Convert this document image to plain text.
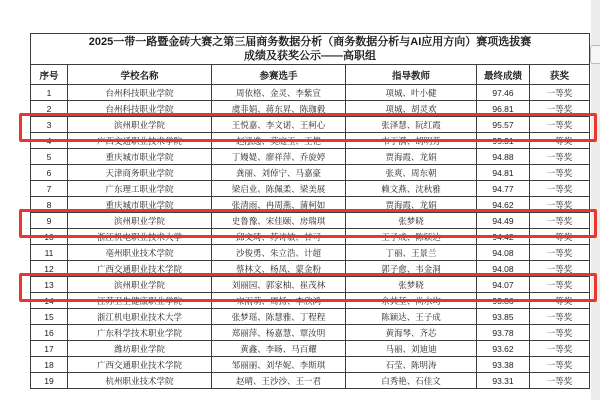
2025一带一路暨金砖大赛之第三届商务数据分析（商务数据分析与AI应用方向）赛项选拔赛
成绩及获奖公示——高职组					

序号	学校名称	参赛选手	指导教师	最终成绩	获奖
1	台州科技职业学院	周依格、金灵、李紫宣	项城、叶小健	97.46	一等奖
2	台州科技职业学院	虞菲娟、蒋东昇、陈珈毅	项城、胡灵欢	96.81	一等奖
3	滨州职业学院	王悦嘉、李文诺、王柯心	张泽慧、阮红霞	95.57	一等奖
4	广西交通职业技术学院	赵泓逸、莫庭玉、王恺	韦丁漪、胡明芳	95.31	一等奖
5	重庆城市职业学院	丁嫚媞、廖祥萍、乔旋婷	贾海霞、龙娟	94.88	一等奖
6	天津商务职业学院	龚丽、刘倬宁、马嘉豪	张爽、周东朝	94.81	一等奖
7	广东理工职业学院	梁启业、陈佩柔、梁美展	赖文燕、沈秋雅	94.77	一等奖
8	重庆城市职业学院	张清雨、冉周燕、蒲柯如	贾海霞、龙娟	94.62	一等奖
9	滨州职业学院	史鲁豫、宋佳颐、房瑞琪	张梦晓	94.49	一等奖
10	浙江机电职业技术大学	邱文琦、苏诗敏、甘可	王子成、陈颖达	94.42	一等奖
11	亳州职业技术学院	沙俊勇、朱立浩、计超	丁丽、王景兰	94.08	一等奖
12	广西交通职业技术学院	蔡林文、杨凤、蒙金粉	郭子愈、韦金洞	94.08	一等奖
13	滨州职业学院	刘丽园、郭家柚、崔茂林	张梦晓	94.07	一等奖
14	江苏卫生健康职业学院	宋雨萌、周扬、李欣鸿	佘其堃、尚水均	93.86	一等奖
15	浙江机电职业技术大学	张梦瑶、陈慧雅、丁程程	陈颖达、王子成	93.85	一等奖
16	广东科学技术职业学院	郑丽萍、杨嘉慧、覃汝明	黄海琴、齐芯	93.78	一等奖
17	潍坊职业学院	黄鑫、李旸、马百耀	马丽、刘迪迪	93.62	一等奖
18	广西交通职业技术学院	邹丽丽、刘华妮、李斯琪	石莹、陈明涛	93.38	一等奖
19	杭州职业技术学院	赵晴、王沙沙、王一君	白秀艳、石佳文	93.31	一等奖
